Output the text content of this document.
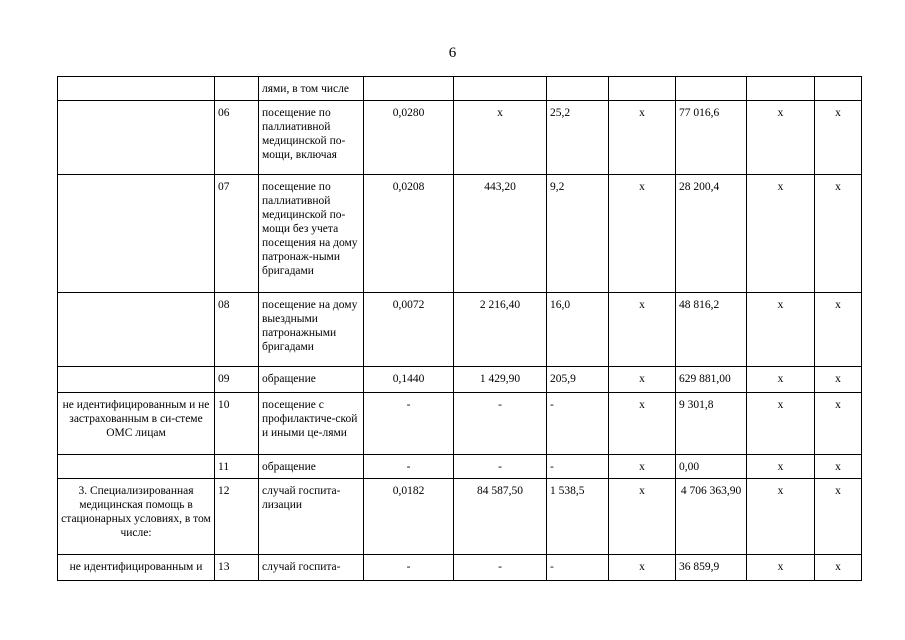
6
		лями, в том числе							
	06	посещение по паллиативной медицинской по-мощи, включая	0,0280	х	25,2	х	77 016,6	х	х
	07	посещение по паллиативной медицинской по-мощи без учета посещения на дому патронаж-ными бригадами	0,0208	443,20	9,2	х	28 200,4	х	х
	08	посещение на дому выездными патронажными бригадами	0,0072	2 216,40	16,0	х	48 816,2	х	х
	09	обращение	0,1440	1 429,90	205,9	х	629 881,00	х	х
не идентифицированным и не застрахованным в си-стеме ОМС лицам	10	посещение с профилактиче-ской и иными це-лями	-	-	-	х	9 301,8	х	х
	11	обращение	-	-	-	х	0,00	х	х
3. Специализированная медицинская помощь в стационарных условиях, в том числе:	12	случай госпита-лизации	0,0182	84 587,50	1 538,5	х	4 706 363,90	х	х
не идентифицированным и	13	случай госпита-	-	-	-	х	36 859,9	х	х
